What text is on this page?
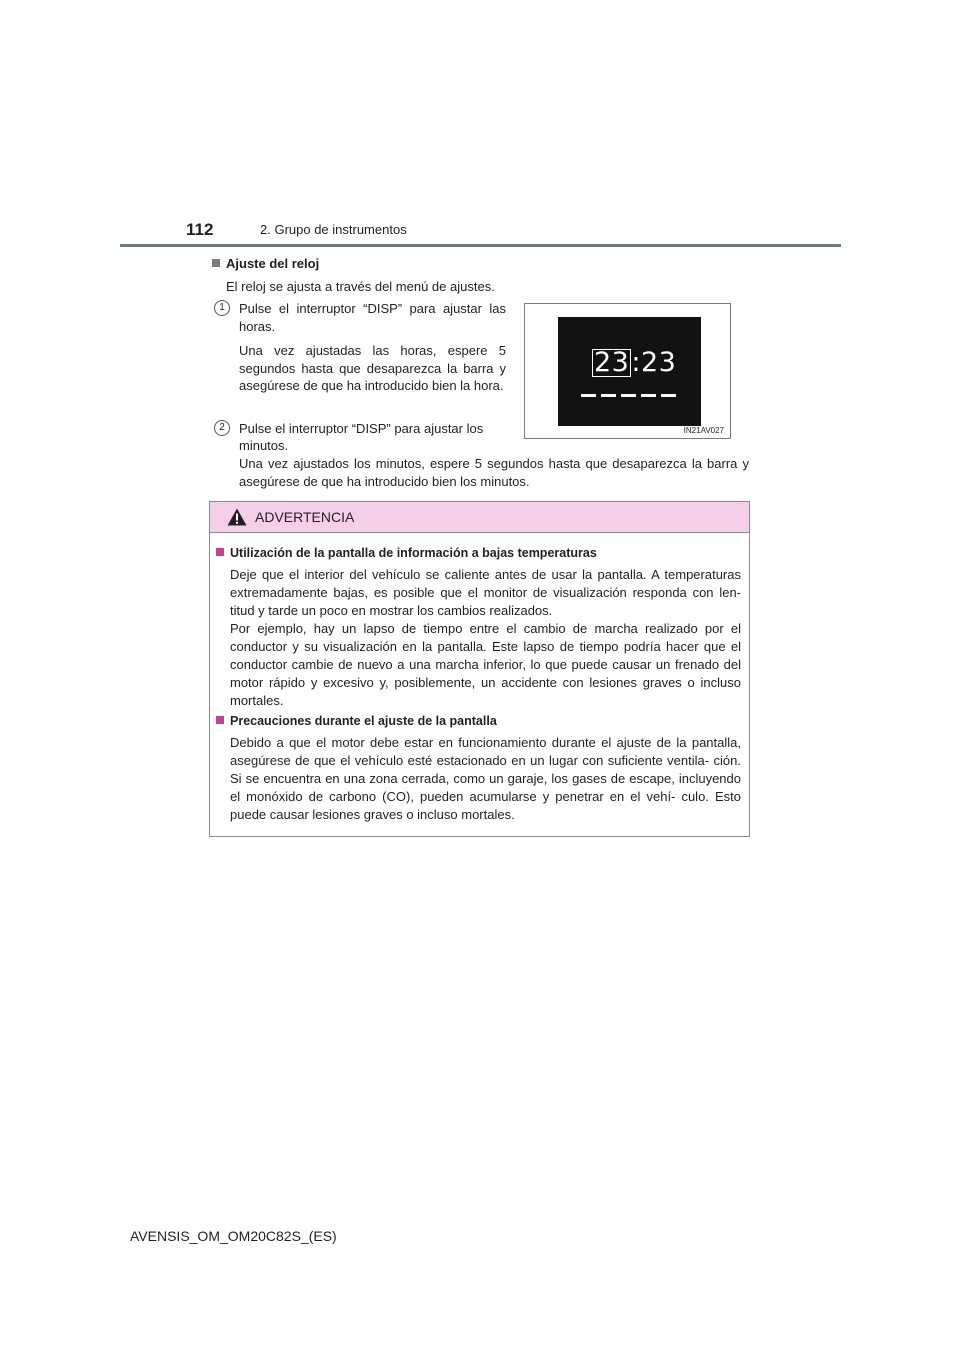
112	2. Grupo de instrumentos
Ajuste del reloj
El reloj se ajusta a través del menú de ajustes.
1	Pulse el interruptor “DISP” para ajustar las horas.
Una vez ajustadas las horas, espere 5 segundos hasta que desaparezca la barra y asegúrese de que ha introducido bien la hora.
2	Pulse el interruptor “DISP” para ajustar los
minutos.
Una vez ajustados los minutos, espere 5 segundos hasta que desaparezca la barra y asegúrese de que ha introducido bien los minutos.
23:23
IN21AV027
ADVERTENCIA
Utilización de la pantalla de información a bajas temperaturas
Deje que el interior del vehículo se caliente antes de usar la pantalla. A temperaturas extremadamente bajas, es posible que el monitor de visualización responda con len- titud y tarde un poco en mostrar los cambios realizados.
Por ejemplo, hay un lapso de tiempo entre el cambio de marcha realizado por el conductor y su visualización en la pantalla. Este lapso de tiempo podría hacer que el conductor cambie de nuevo a una marcha inferior, lo que puede causar un frenado del motor rápido y excesivo y, posiblemente, un accidente con lesiones graves o incluso mortales.
Precauciones durante el ajuste de la pantalla
Debido a que el motor debe estar en funcionamiento durante el ajuste de la pantalla, asegúrese de que el vehículo esté estacionado en un lugar con suficiente ventila- ción. Si se encuentra en una zona cerrada, como un garaje, los gases de escape, incluyendo el monóxido de carbono (CO), pueden acumularse y penetrar en el vehí- culo. Esto puede causar lesiones graves o incluso mortales.
AVENSIS_OM_OM20C82S_(ES)
